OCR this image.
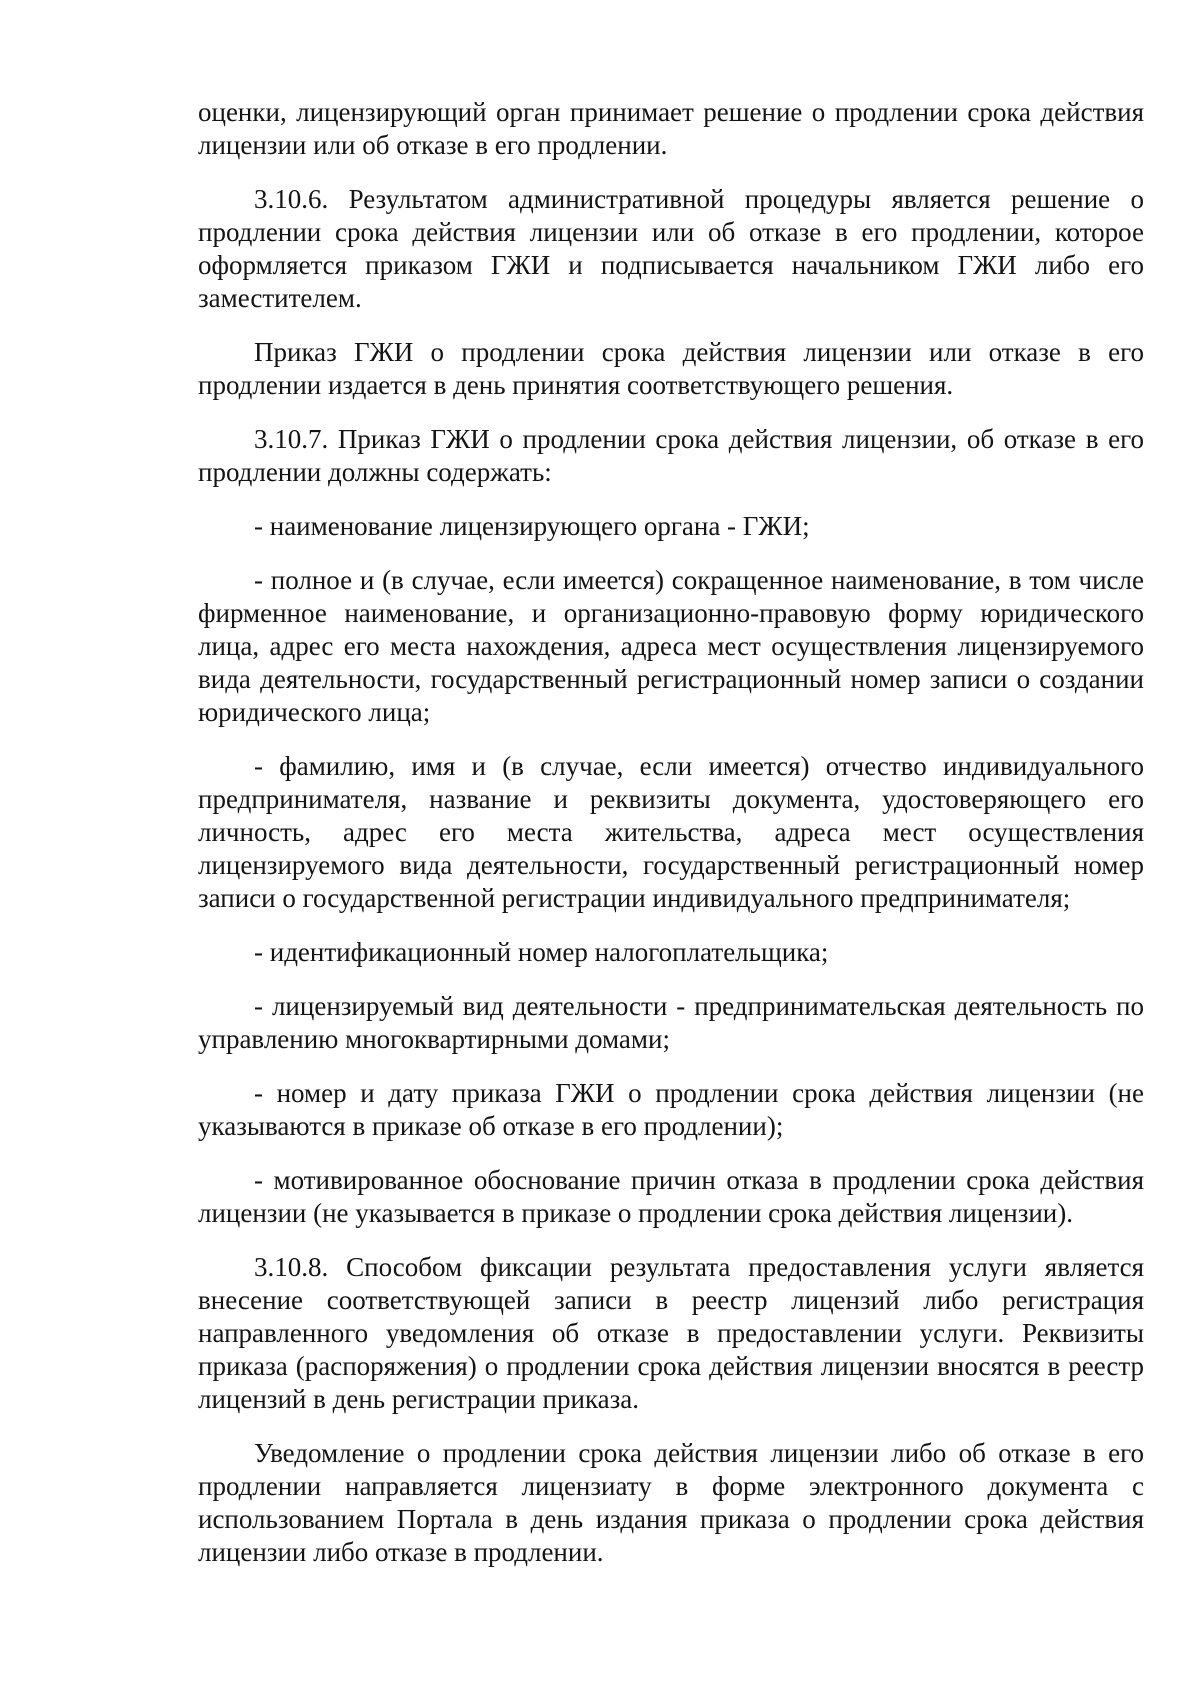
оценки, лицензирующий орган принимает решение о продлении срока действия лицензии или об отказе в его продлении.

3.10.6. Результатом административной процедуры является решение о продлении срока действия лицензии или об отказе в его продлении, которое оформляется приказом ГЖИ и подписывается начальником ГЖИ либо его заместителем.

Приказ ГЖИ о продлении срока действия лицензии или отказе в его продлении издается в день принятия соответствующего решения.

3.10.7. Приказ ГЖИ о продлении срока действия лицензии, об отказе в его продлении должны содержать:

- наименование лицензирующего органа - ГЖИ;

- полное и (в случае, если имеется) сокращенное наименование, в том числе фирменное наименование, и организационно-правовую форму юридического лица, адрес его места нахождения, адреса мест осуществления лицензируемого вида деятельности, государственный регистрационный номер записи о создании юридического лица;

- фамилию, имя и (в случае, если имеется) отчество индивидуального предпринимателя, название и реквизиты документа, удостоверяющего его личность, адрес его места жительства, адреса мест осуществления лицензируемого вида деятельности, государственный регистрационный номер записи о государственной регистрации индивидуального предпринимателя;

- идентификационный номер налогоплательщика;

- лицензируемый вид деятельности - предпринимательская деятельность по управлению многоквартирными домами;

- номер и дату приказа ГЖИ о продлении срока действия лицензии (не указываются в приказе об отказе в его продлении);

- мотивированное обоснование причин отказа в продлении срока действия лицензии (не указывается в приказе о продлении срока действия лицензии).

3.10.8. Способом фиксации результата предоставления услуги является внесение соответствующей записи в реестр лицензий либо регистрация направленного уведомления об отказе в предоставлении услуги. Реквизиты приказа (распоряжения) о продлении срока действия лицензии вносятся в реестр лицензий в день регистрации приказа.

Уведомление о продлении срока действия лицензии либо об отказе в его продлении направляется лицензиату в форме электронного документа с использованием Портала в день издания приказа о продлении срока действия лицензии либо отказе в продлении.
